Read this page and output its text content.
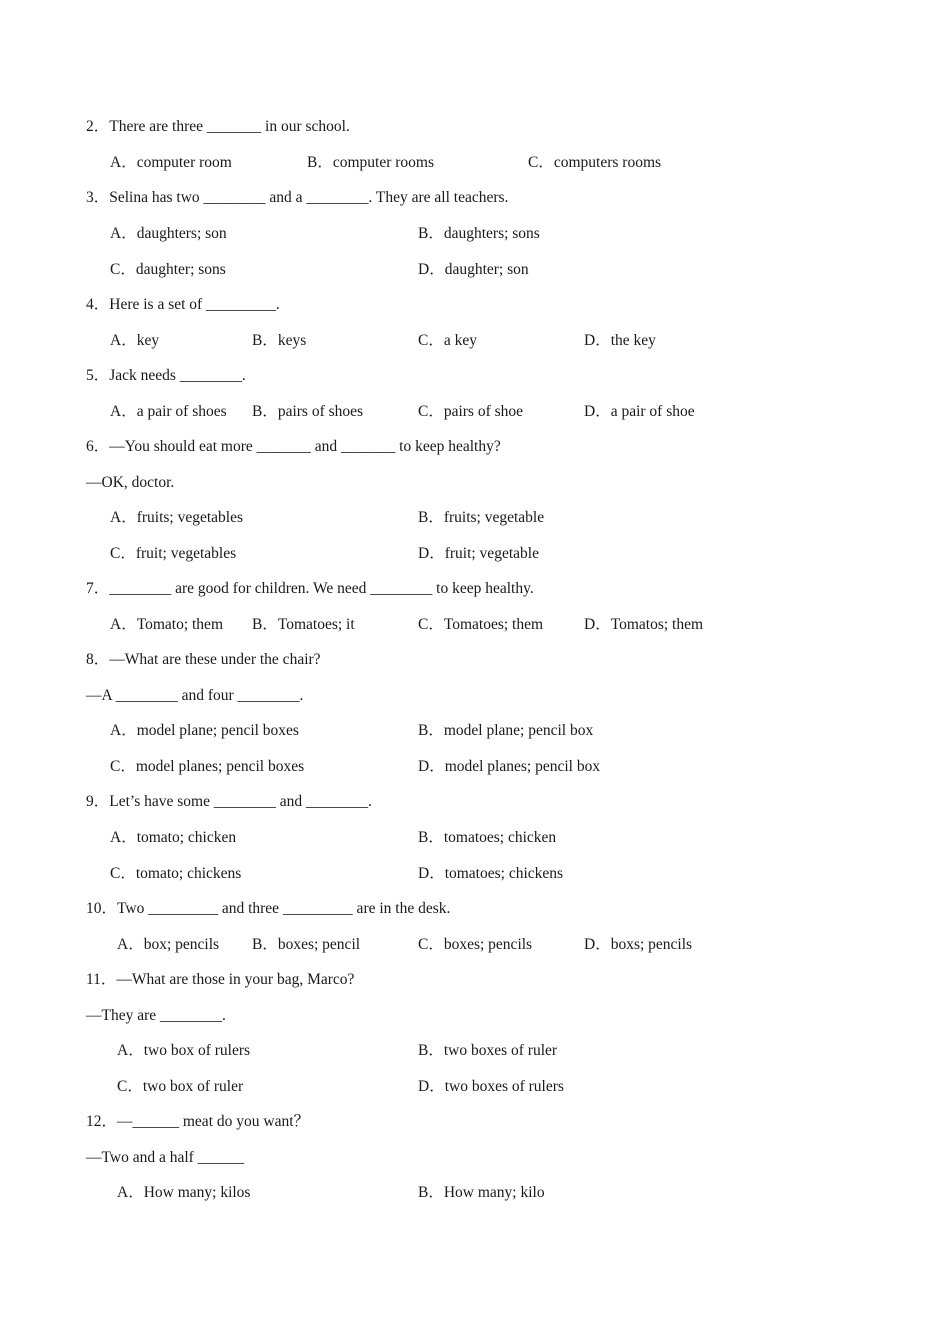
2．There are three _______ in our school.
A．computer room	B．computer rooms	C．computers rooms
3．Selina has two ________ and a ________. They are all teachers.
A．daughters; son	B．daughters; sons
C．daughter; sons	D．daughter; son
4．Here is a set of _________.
A．key	B．keys	C．a key	D．the key
5．Jack needs ________.
A．a pair of shoes B．pairs of shoes	C．pairs of shoe	D．a pair of shoe
6．—You should eat more _______ and _______ to keep healthy?
—OK, doctor.
A．fruits; vegetables	B．fruits; vegetable
C．fruit; vegetables	D．fruit; vegetable
7．________ are good for children. We need ________ to keep healthy.
A．Tomato; them B．Tomatoes; it	C．Tomatoes; them	D．Tomatos; them
8．—What are these under the chair?
—A ________ and four ________.
A．model plane; pencil boxes	B．model plane; pencil box
C．model planes; pencil boxes	D．model planes; pencil box
9．Let’s have some ________ and ________.
A．tomato; chicken	B．tomatoes; chicken
C．tomato; chickens	D．tomatoes; chickens
10．Two _________ and three _________ are in the desk.
A．box; pencils B．boxes; pencil	C．boxes; pencils	D．boxs; pencils
11．—What are those in your bag, Marco?
—They are ________.
A．two box of rulers	B．two boxes of ruler
C．two box of ruler	D．two boxes of rulers
12．—______ meat do you want？
—Two and a half ______
A．How many; kilos	B．How many; kilo
